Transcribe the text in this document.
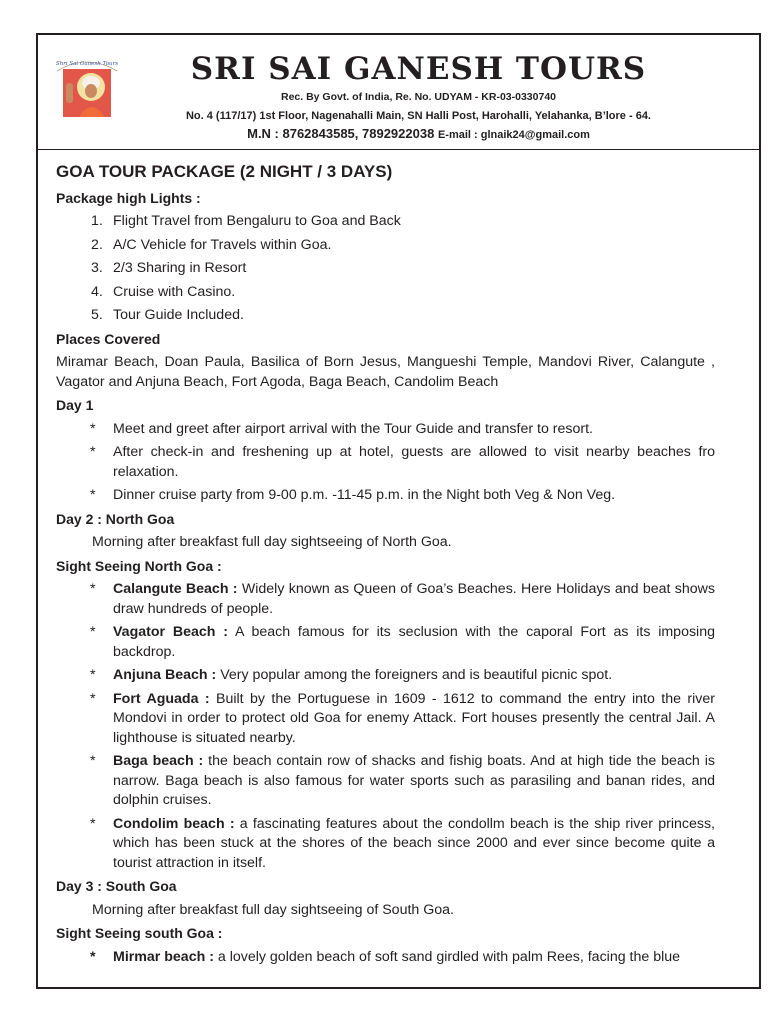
Shri Sai Ganesh Tours	SRI SAI GANESH TOURS
Rec. By Govt. of India, Re. No. UDYAM - KR-03-0330740
No. 4 (117/17) 1st Floor, Nagenahalli Main, SN Halli Post, Harohalli, Yelahanka, B’lore - 64.
M.N : 8762843585, 7892922038 E-mail : glnaik24@gmail.com
GOA TOUR PACKAGE (2 NIGHT / 3 DAYS)
Package high Lights :
1. Flight Travel from Bengaluru to Goa and Back
2. A/C Vehicle for Travels within Goa.
3. 2/3 Sharing in Resort
4. Cruise with Casino.
5. Tour Guide Included.
Places Covered
Miramar Beach, Doan Paula, Basilica of Born Jesus, Mangueshi Temple, Mandovi River, Calangute , Vagator and Anjuna Beach, Fort Agoda, Baga Beach, Candolim Beach
Day 1
* Meet and greet after airport arrival with the Tour Guide and transfer to resort.
* After check-in and freshening up at hotel, guests are allowed to visit nearby beaches fro relaxation.
* Dinner cruise party from 9-00 p.m. -11-45 p.m. in the Night both Veg & Non Veg.
Day 2 : North Goa
Morning after breakfast full day sightseeing of North Goa.
Sight Seeing North Goa :
* Calangute Beach : Widely known as Queen of Goa’s Beaches. Here Holidays and beat shows draw hundreds of people.
* Vagator Beach : A beach famous for its seclusion with the caporal Fort as its imposing backdrop.
* Anjuna Beach : Very popular among the foreigners and is beautiful picnic spot.
* Fort Aguada : Built by the Portuguese in 1609 - 1612 to command the entry into the river Mondovi in order to protect old Goa for enemy Attack. Fort houses presently the central Jail. A lighthouse is situated nearby.
* Baga beach : the beach contain row of shacks and fishig boats. And at high tide the beach is narrow. Baga beach is also famous for water sports such as parasiling and banan rides, and dolphin cruises.
* Condolim beach : a fascinating features about the condollm beach is the ship river princess, which has been stuck at the shores of the beach since 2000 and ever since become quite a tourist attraction in itself.
Day 3 : South Goa
Morning after breakfast full day sightseeing of South Goa.
Sight Seeing south Goa :
* Mirmar beach : a lovely golden beach of soft sand girdled with palm Rees, facing the blue
